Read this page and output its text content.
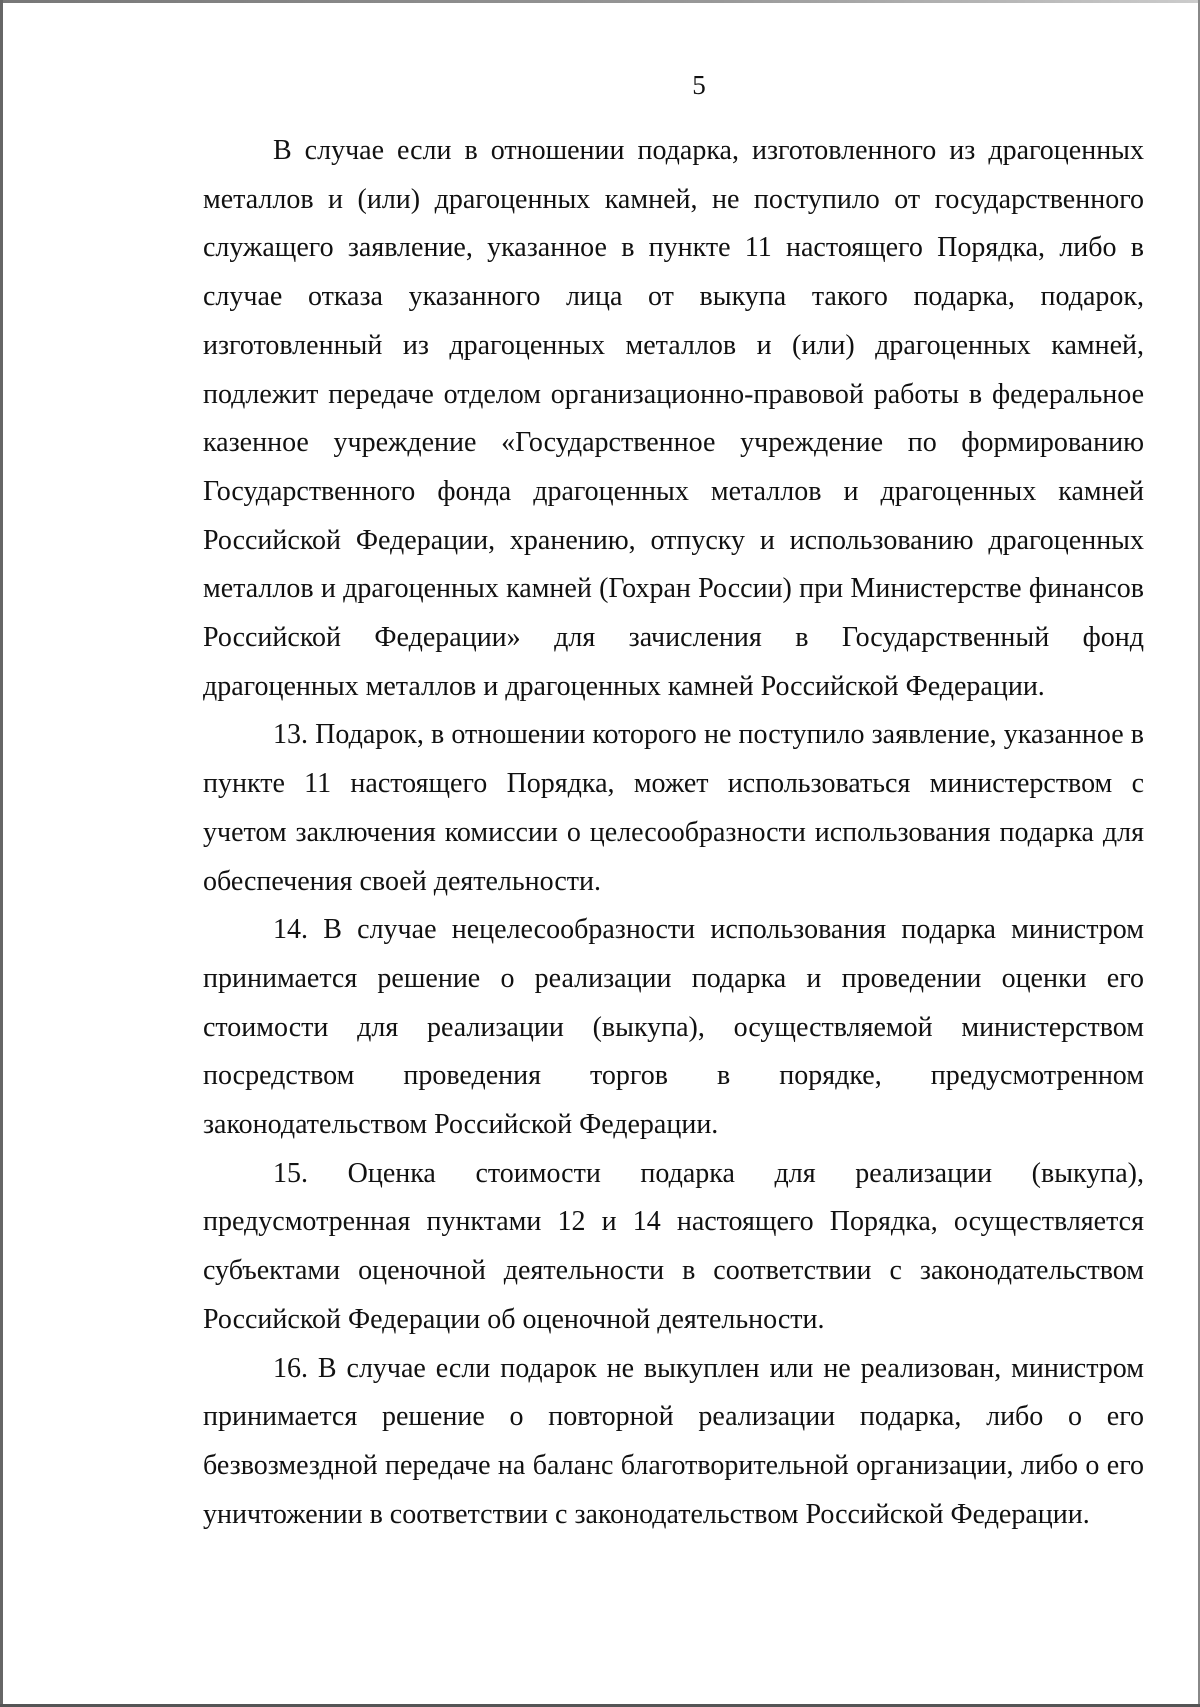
5

В случае если в отношении подарка, изготовленного из драгоценных металлов и (или) драгоценных камней, не поступило от государственного служащего заявление, указанное в пункте 11 настоящего Порядка, либо в случае отказа указанного лица от выкупа такого подарка, подарок, изготовленный из драгоценных металлов и (или) драгоценных камней, подлежит передаче отделом организационно-правовой работы в федеральное казенное учреждение «Государственное учреждение по формированию Государственного фонда драгоценных металлов и драгоценных камней Российской Федерации, хранению, отпуску и использованию драгоценных металлов и драгоценных камней (Гохран России) при Министерстве финансов Российской Федерации» для зачисления в Государственный фонд драгоценных металлов и драгоценных камней Российской Федерации.

13. Подарок, в отношении которого не поступило заявление, указанное в пункте 11 настоящего Порядка, может использоваться министерством с учетом заключения комиссии о целесообразности использования подарка для обеспечения своей деятельности.

14. В случае нецелесообразности использования подарка министром принимается решение о реализации подарка и проведении оценки его стоимости для реализации (выкупа), осуществляемой министерством посредством проведения торгов в порядке, предусмотренном законодательством Российской Федерации.

15. Оценка стоимости подарка для реализации (выкупа), предусмотренная пунктами 12 и 14 настоящего Порядка, осуществляется субъектами оценочной деятельности в соответствии с законодательством Российской Федерации об оценочной деятельности.

16. В случае если подарок не выкуплен или не реализован, министром принимается решение о повторной реализации подарка, либо о его безвозмездной передаче на баланс благотворительной организации, либо о его уничтожении в соответствии с законодательством Российской Федерации.
